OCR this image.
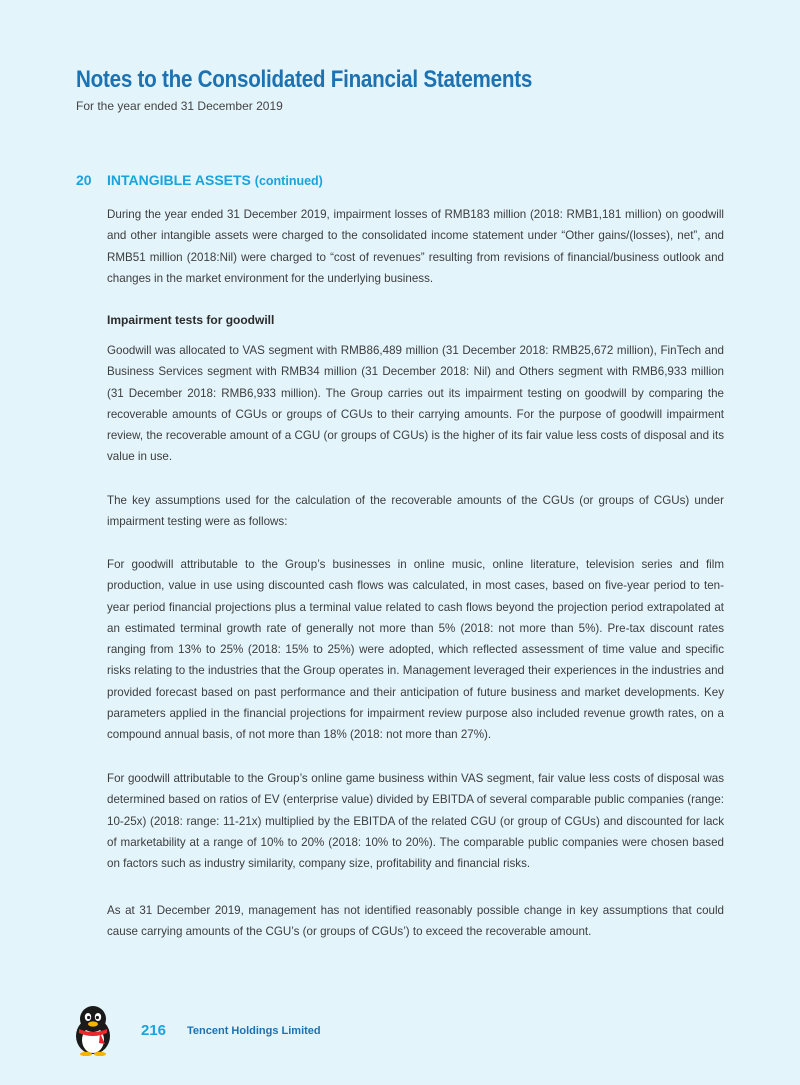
Notes to the Consolidated Financial Statements
For the year ended 31 December 2019
20 INTANGIBLE ASSETS (continued)

During the year ended 31 December 2019, impairment losses of RMB183 million (2018: RMB1,181 million) on goodwill and other intangible assets were charged to the consolidated income statement under “Other gains/(losses), net”, and RMB51 million (2018:Nil) were charged to “cost of revenues” resulting from revisions of financial/business outlook and changes in the market environment for the underlying business.

Impairment tests for goodwill

Goodwill was allocated to VAS segment with RMB86,489 million (31 December 2018: RMB25,672 million), FinTech and Business Services segment with RMB34 million (31 December 2018: Nil) and Others segment with RMB6,933 million (31 December 2018: RMB6,933 million). The Group carries out its impairment testing on goodwill by comparing the recoverable amounts of CGUs or groups of CGUs to their carrying amounts. For the purpose of goodwill impairment review, the recoverable amount of a CGU (or groups of CGUs) is the higher of its fair value less costs of disposal and its value in use.

The key assumptions used for the calculation of the recoverable amounts of the CGUs (or groups of CGUs) under impairment testing were as follows:

For goodwill attributable to the Group’s businesses in online music, online literature, television series and film production, value in use using discounted cash flows was calculated, in most cases, based on five-year period to ten-year period financial projections plus a terminal value related to cash flows beyond the projection period extrapolated at an estimated terminal growth rate of generally not more than 5% (2018: not more than 5%). Pre-tax discount rates ranging from 13% to 25% (2018: 15% to 25%) were adopted, which reflected assessment of time value and specific risks relating to the industries that the Group operates in. Management leveraged their experiences in the industries and provided forecast based on past performance and their anticipation of future business and market developments. Key parameters applied in the financial projections for impairment review purpose also included revenue growth rates, on a compound annual basis, of not more than 18% (2018: not more than 27%).

For goodwill attributable to the Group’s online game business within VAS segment, fair value less costs of disposal was determined based on ratios of EV (enterprise value) divided by EBITDA of several comparable public companies (range: 10-25x) (2018: range: 11-21x) multiplied by the EBITDA of the related CGU (or group of CGUs) and discounted for lack of marketability at a range of 10% to 20% (2018: 10% to 20%). The comparable public companies were chosen based on factors such as industry similarity, company size, profitability and financial risks.

As at 31 December 2019, management has not identified reasonably possible change in key assumptions that could cause carrying amounts of the CGU’s (or groups of CGUs’) to exceed the recoverable amount.

216 Tencent Holdings Limited
